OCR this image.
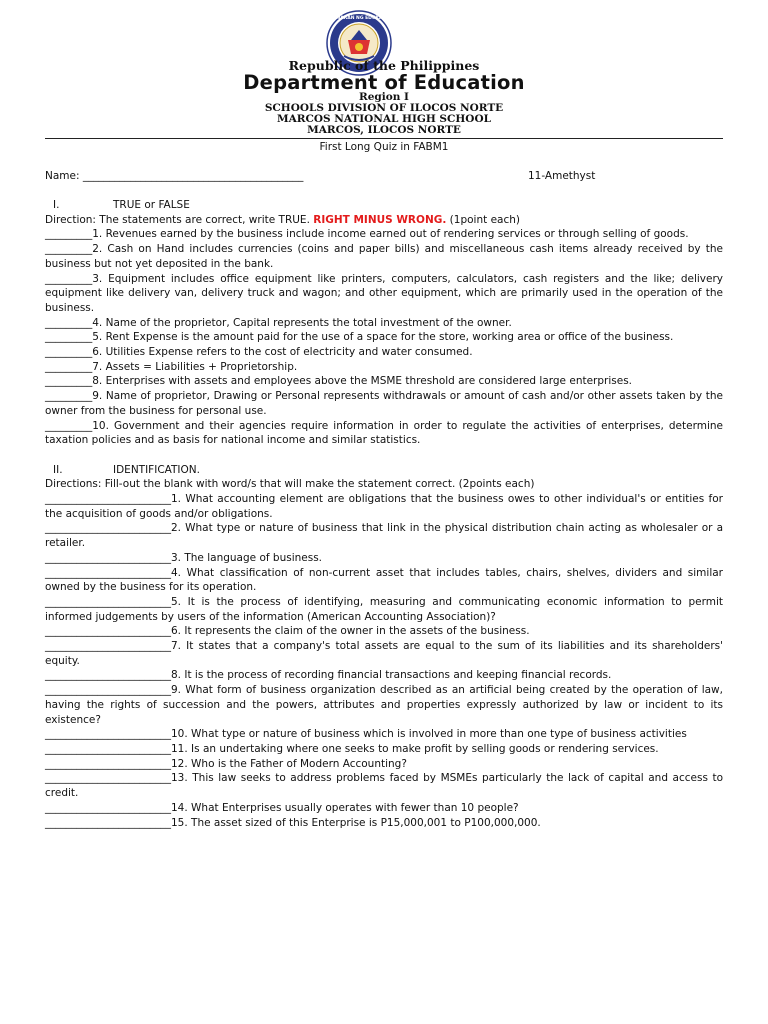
KAGAWARAN NG EDUKASYON
Republic of the Philippines
Department of Education
Region I
SCHOOLS DIVISION OF ILOCOS NORTE
MARCOS NATIONAL HIGH SCHOOL
MARCOS, ILOCOS NORTE
First Long Quiz in FABM1
Name: __________________________________________	11-Amethyst

I.	TRUE or FALSE

Direction: The statements are correct, write TRUE. RIGHT MINUS WRONG. (1point each)

_________1. Revenues earned by the business include income earned out of rendering services or through selling of goods.

_________2. Cash on Hand includes currencies (coins and paper bills) and miscellaneous cash items already received by the business but not yet deposited in the bank.

_________3. Equipment includes office equipment like printers, computers, calculators, cash registers and the like; delivery equipment like delivery van, delivery truck and wagon; and other equipment, which are primarily used in the operation of the business.

_________4. Name of the proprietor, Capital represents the total investment of the owner.

_________5. Rent Expense is the amount paid for the use of a space for the store, working area or office of the business.

_________6. Utilities Expense refers to the cost of electricity and water consumed.

_________7. Assets = Liabilities + Proprietorship.

_________8. Enterprises with assets and employees above the MSME threshold are considered large enterprises.

_________9. Name of proprietor, Drawing or Personal represents withdrawals or amount of cash and/or other assets taken by the owner from the business for personal use.

_________10. Government and their agencies require information in order to regulate the activities of enterprises, determine taxation policies and as basis for national income and similar statistics.

II.	IDENTIFICATION.

Directions: Fill-out the blank with word/s that will make the statement correct. (2points each)

________________________1. What accounting element are obligations that the business owes to other individual's or entities for the acquisition of goods and/or obligations.

________________________2. What type or nature of business that link in the physical distribution chain acting as wholesaler or a retailer.

________________________3. The language of business.

________________________4. What classification of non-current asset that includes tables, chairs, shelves, dividers and similar owned by the business for its operation.

________________________5. It is the process of identifying, measuring and communicating economic information to permit informed judgements by users of the information (American Accounting Association)?

________________________6. It represents the claim of the owner in the assets of the business.

________________________7. It states that a company's total assets are equal to the sum of its liabilities and its shareholders' equity.

________________________8. It is the process of recording financial transactions and keeping financial records.

________________________9. What form of business organization described as an artificial being created by the operation of law, having the rights of succession and the powers, attributes and properties expressly authorized by law or incident to its existence?

________________________10. What type or nature of business which is involved in more than one type of business activities

________________________11. Is an undertaking where one seeks to make profit by selling goods or rendering services.

________________________12. Who is the Father of Modern Accounting?

________________________13. This law seeks to address problems faced by MSMEs particularly the lack of capital and access to credit.

________________________14. What Enterprises usually operates with fewer than 10 people?

________________________15. The asset sized of this Enterprise is P15,000,001 to P100,000,000.
